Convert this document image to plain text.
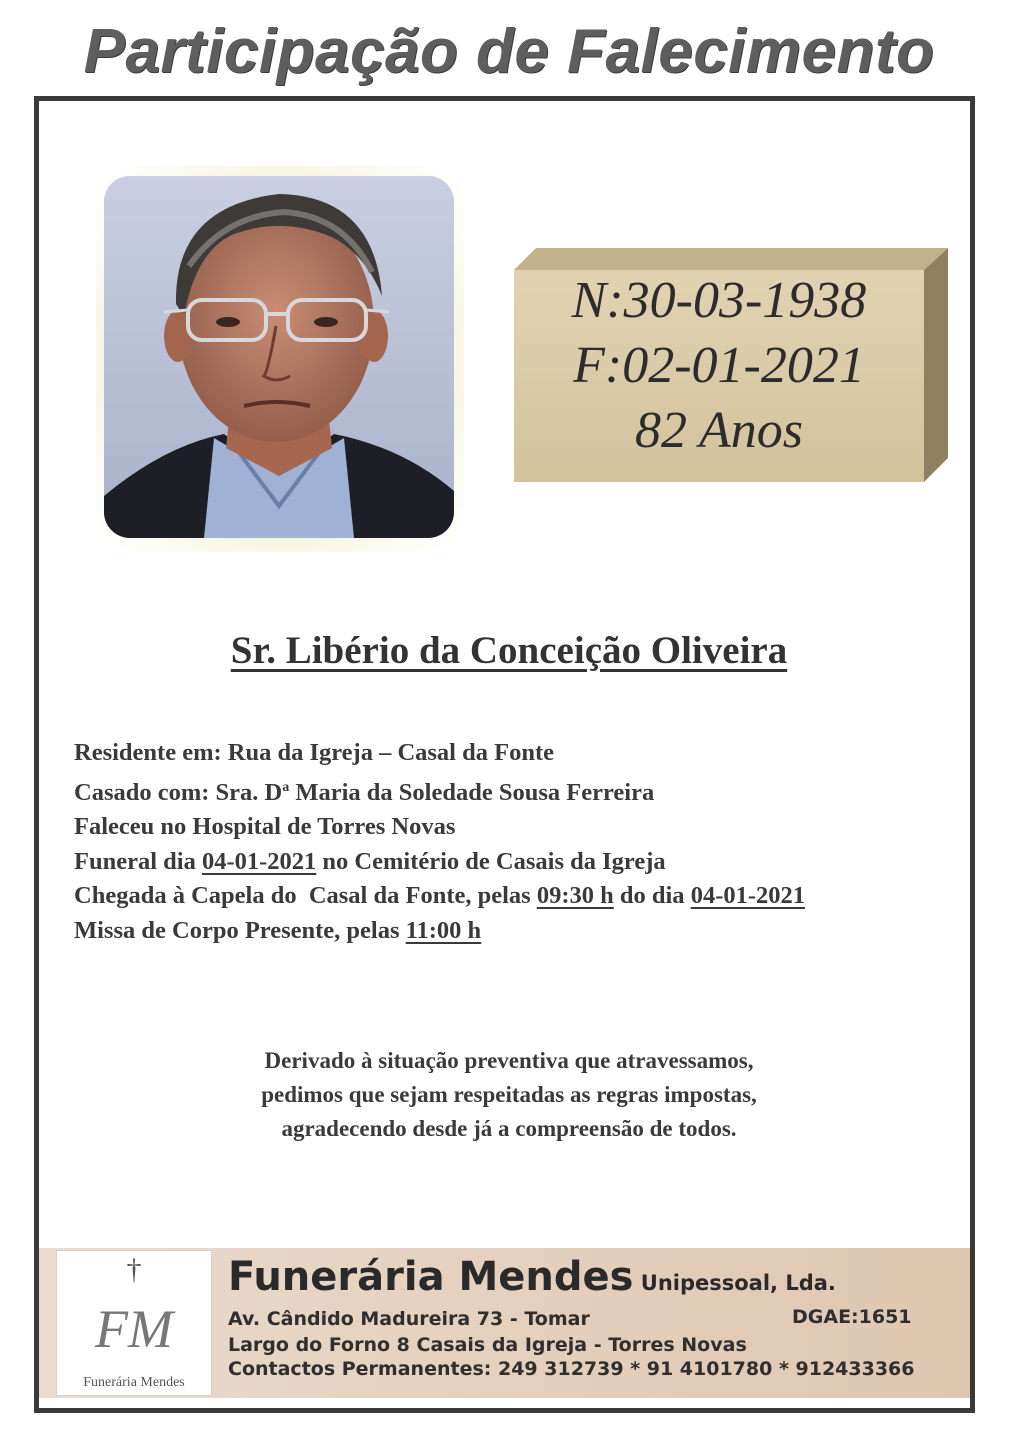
Participação de Falecimento
N:30-03-1938
F:02-01-2021
82 Anos
Sr. Libério da Conceição Oliveira
Residente em: Rua da Igreja – Casal da Fonte
Casado com: Sra. $D^a$ Maria da Soledade Sousa Ferreira
Faleceu no Hospital de Torres Novas
Funeral dia 04-01-2021 no Cemitério de Casais da Igreja
Chegada à Capela do  Casal da Fonte, pelas 09:30 h do dia 04-01-2021
Missa de Corpo Presente, pelas 11:00 h
Derivado à situação preventiva que atravessamos,
pedimos que sejam respeitadas as regras impostas,
agradecendo desde já a compreensão de todos.
†
FM
Funerária Mendes
Funerária Mendes Unipessoal, Lda.
Av. Cândido Madureira 73 - Tomar	DGAE:1651
Largo do Forno 8 Casais da Igreja - Torres Novas
Contactos Permanentes: 249 312739 * 91 4101780 * 912433366
